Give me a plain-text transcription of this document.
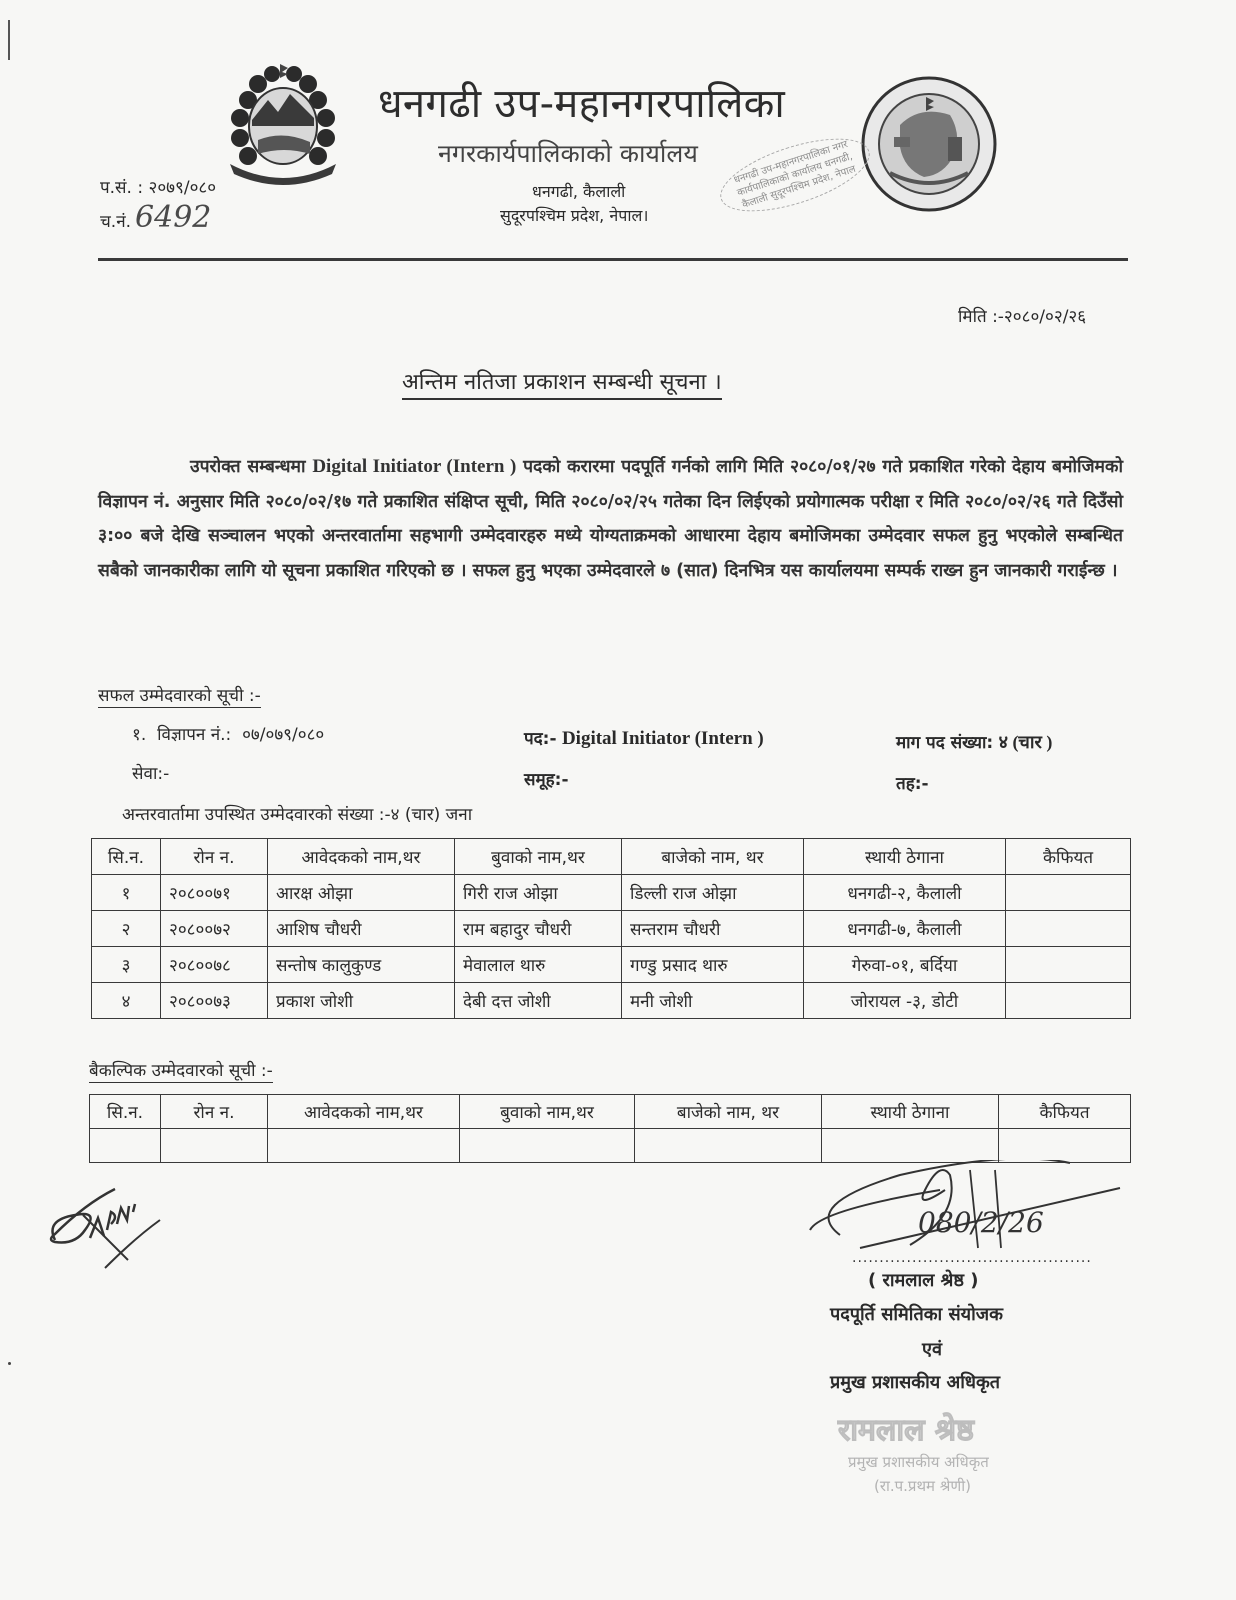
धनगढी उप-महानगरपालिका
नगरकार्यपालिकाको कार्यालय
धनगढी, कैलाली
सुदूरपश्चिम प्रदेश, नेपाल।
धनगढी उप-महानगरपालिका नगर कार्यपालिकाको कार्यालय धनगढी, कैलाली सुदूरपश्चिम प्रदेश, नेपाल
प.सं. : २०७९/०८०
च.नं. 6492
मिति :-२०८०/०२/२६
अन्तिम नतिजा प्रकाशन सम्बन्धी सूचना ।
उपरोक्त सम्बन्धमा Digital Initiator (Intern ) पदको करारमा पदपूर्ति गर्नको लागि मिति २०८०/०१/२७ गते प्रकाशित गरेको देहाय बमोजिमको विज्ञापन नं. अनुसार मिति २०८०/०२/१७ गते प्रकाशित संक्षिप्त सूची, मिति २०८०/०२/२५ गतेका दिन लिईएको प्रयोगात्मक परीक्षा र मिति २०८०/०२/२६ गते दिउँसो ३:०० बजे देखि सञ्चालन भएको अन्तरवार्तामा सहभागी उम्मेदवारहरु मध्ये योग्यताक्रमको आधारमा देहाय बमोजिमका उम्मेदवार सफल हुनु भएकोले सम्बन्धित सबैको जानकारीका लागि यो सूचना प्रकाशित गरिएको छ । सफल हुनु भएका उम्मेदवारले ७ (सात) दिनभित्र यस कार्यालयमा सम्पर्क राख्न हुन जानकारी गराईन्छ ।
सफल उम्मेदवारको सूची :-
१. विज्ञापन नं.: ०७/०७९/०८०	पद:- Digital Initiator (Intern )	माग पद संख्या: ४ (चार )
सेवा:-	समूह:-	तह:-
अन्तरवार्तामा उपस्थित उम्मेदवारको संख्या :-४ (चार) जना
सि.न.	रोन न.	आवेदकको नाम,थर	बुवाको नाम,थर	बाजेको नाम, थर	स्थायी ठेगाना	कैफियत
१	२०८००७१	आरक्ष ओझा	गिरी राज ओझा	डिल्ली राज ओझा	धनगढी-२, कैलाली	
२	२०८००७२	आशिष चौधरी	राम बहादुर चौधरी	सन्तराम चौधरी	धनगढी-७, कैलाली	
३	२०८००७८	सन्तोष कालुकुण्ड	मेवालाल थारु	गण्डु प्रसाद थारु	गेरुवा-०१, बर्दिया	
४	२०८००७३	प्रकाश जोशी	देबी दत्त जोशी	मनी जोशी	जोरायल -३, डोटी	
बैकल्पिक उम्मेदवारको सूची :-
सि.न.	रोन न.	आवेदकको नाम,थर	बुवाको नाम,थर	बाजेको नाम, थर	स्थायी ठेगाना	कैफियत

080/2/26
............................................
( रामलाल श्रेष्ठ )
पदपूर्ति समितिका संयोजक
एवं
प्रमुख प्रशासकीय अधिकृत
रामलाल श्रेष्ठ
प्रमुख प्रशासकीय अधिकृत
(रा.प.प्रथम श्रेणी)
